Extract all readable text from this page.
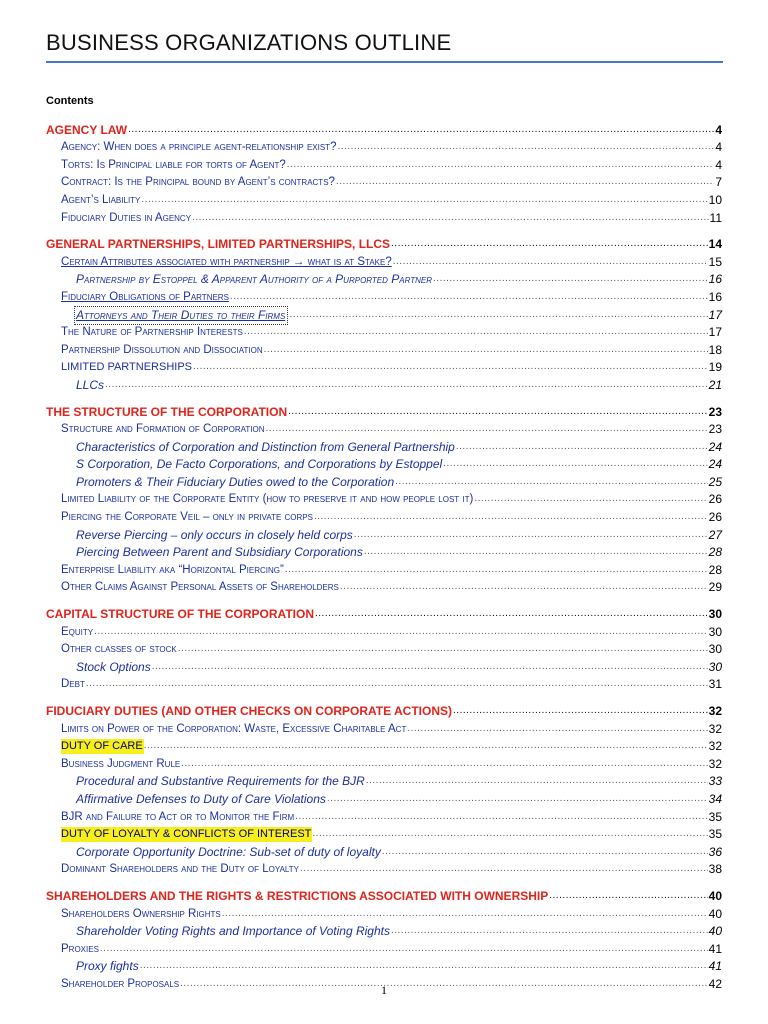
BUSINESS ORGANIZATIONS OUTLINE
Contents
AGENCY LAW .....	4
Agency: When does a principle agent-relationship exist? .....	4
Torts: Is Principal liable for torts of Agent? .....	4
Contract: Is the Principal bound by Agent’s contracts? .....	7
Agent’s Liability .....	10
Fiduciary Duties in Agency .....	11
GENERAL PARTNERSHIPS, LIMITED PARTNERSHIPS, LLCS .....	14
Certain Attributes associated with partnership → what is at Stake? .....	15
Partnership by Estoppel & Apparent Authority of a Purported Partner .....	16
Fiduciary Obligations of Partners .....	16
Attorneys and Their Duties to their Firms .....	17
The Nature of Partnership Interests .....	17
Partnership Dissolution and Dissociation .....	18
LIMITED PARTNERSHIPS .....	19
LLCs .....	21
THE STRUCTURE OF THE CORPORATION .....	23
Structure and Formation of Corporation .....	23
Characteristics of Corporation and Distinction from General Partnership .....	24
S Corporation, De Facto Corporations, and Corporations by Estoppel .....	24
Promoters & Their Fiduciary Duties owed to the Corporation .....	25
Limited Liability of the Corporate Entity (how to preserve it and how people lost it) .....	26
Piercing the Corporate Veil – only in private corps .....	26
Reverse Piercing – only occurs in closely held corps .....	27
Piercing Between Parent and Subsidiary Corporations .....	28
Enterprise Liability aka “Horizontal Piercing” .....	28
Other Claims Against Personal Assets of Shareholders .....	29
CAPITAL STRUCTURE OF THE CORPORATION .....	30
Equity .....	30
Other classes of stock .....	30
Stock Options .....	30
Debt .....	31
FIDUCIARY DUTIES (AND OTHER CHECKS ON CORPORATE ACTIONS) .....	32
Limits on Power of the Corporation: Waste, Excessive Charitable Act .....	32
DUTY OF CARE .....	32
Business Judgment Rule .....	32
Procedural and Substantive Requirements for the BJR .....	33
Affirmative Defenses to Duty of Care Violations .....	34
BJR and Failure to Act or to Monitor the Firm .....	35
DUTY OF LOYALTY & CONFLICTS OF INTEREST .....	35
Corporate Opportunity Doctrine: Sub-set of duty of loyalty .....	36
Dominant Shareholders and the Duty of Loyalty .....	38
SHAREHOLDERS AND THE RIGHTS & RESTRICTIONS ASSOCIATED WITH OWNERSHIP .....	40
Shareholders Ownership Rights .....	40
Shareholder Voting Rights and Importance of Voting Rights .....	40
Proxies .....	41
Proxy fights .....	41
Shareholder Proposals .....	42
1
